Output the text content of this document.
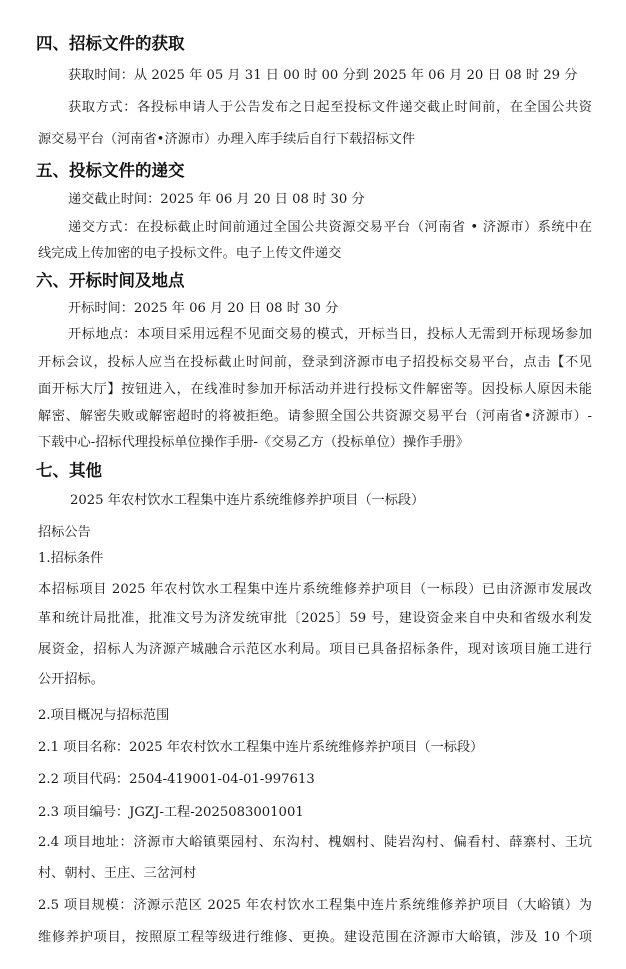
四、招标文件的获取
获取时间：从 2025 年 05 月 31 日 00 时 00 分到 2025 年 06 月 20 日 08 时 29 分
获取方式：各投标申请人于公告发布之日起至投标文件递交截止时间前，在全国公共资
源交易平台（河南省•济源市）办理入库手续后自行下载招标文件
五、投标文件的递交
递交截止时间：2025 年 06 月 20 日 08 时 30 分
递交方式：在投标截止时间前通过全国公共资源交易平台（河南省 • 济源市）系统中在
线完成上传加密的电子投标文件。电子上传文件递交
六、开标时间及地点
开标时间：2025 年 06 月 20 日 08 时 30 分
开标地点：本项目采用远程不见面交易的模式，开标当日，投标人无需到开标现场参加
开标会议，投标人应当在投标截止时间前，登录到济源市电子招投标交易平台，点击【不见
面开标大厅】按钮进入，在线准时参加开标活动并进行投标文件解密等。因投标人原因未能
解密、解密失败或解密超时的将被拒绝。请参照全国公共资源交易平台（河南省•济源市）-
下载中心-招标代理投标单位操作手册-《交易乙方（投标单位）操作手册》
七、其他
2025 年农村饮水工程集中连片系统维修养护项目（一标段）
招标公告
1.招标条件
本招标项目 2025 年农村饮水工程集中连片系统维修养护项目（一标段）已由济源市发展改
革和统计局批准，批准文号为济发统审批〔2025〕59 号，建设资金来自中央和省级水利发
展资金，招标人为济源产城融合示范区水利局。项目已具备招标条件，现对该项目施工进行
公开招标。
2.项目概况与招标范围
2.1 项目名称：2025 年农村饮水工程集中连片系统维修养护项目（一标段）
2.2 项目代码：2504-419001-04-01-997613
2.3 项目编号：JGZJ-工程-2025083001001
2.4 项目地址：济源市大峪镇栗园村、东沟村、槐姻村、陡岩沟村、偏看村、薛寨村、王坑
村、朝村、王庄、三岔河村
2.5 项目规模：济源示范区 2025 年农村饮水工程集中连片系统维修养护项目（大峪镇）为
维修养护项目，按照原工程等级进行维修、更换。建设范围在济源市大峪镇，涉及 10 个项
